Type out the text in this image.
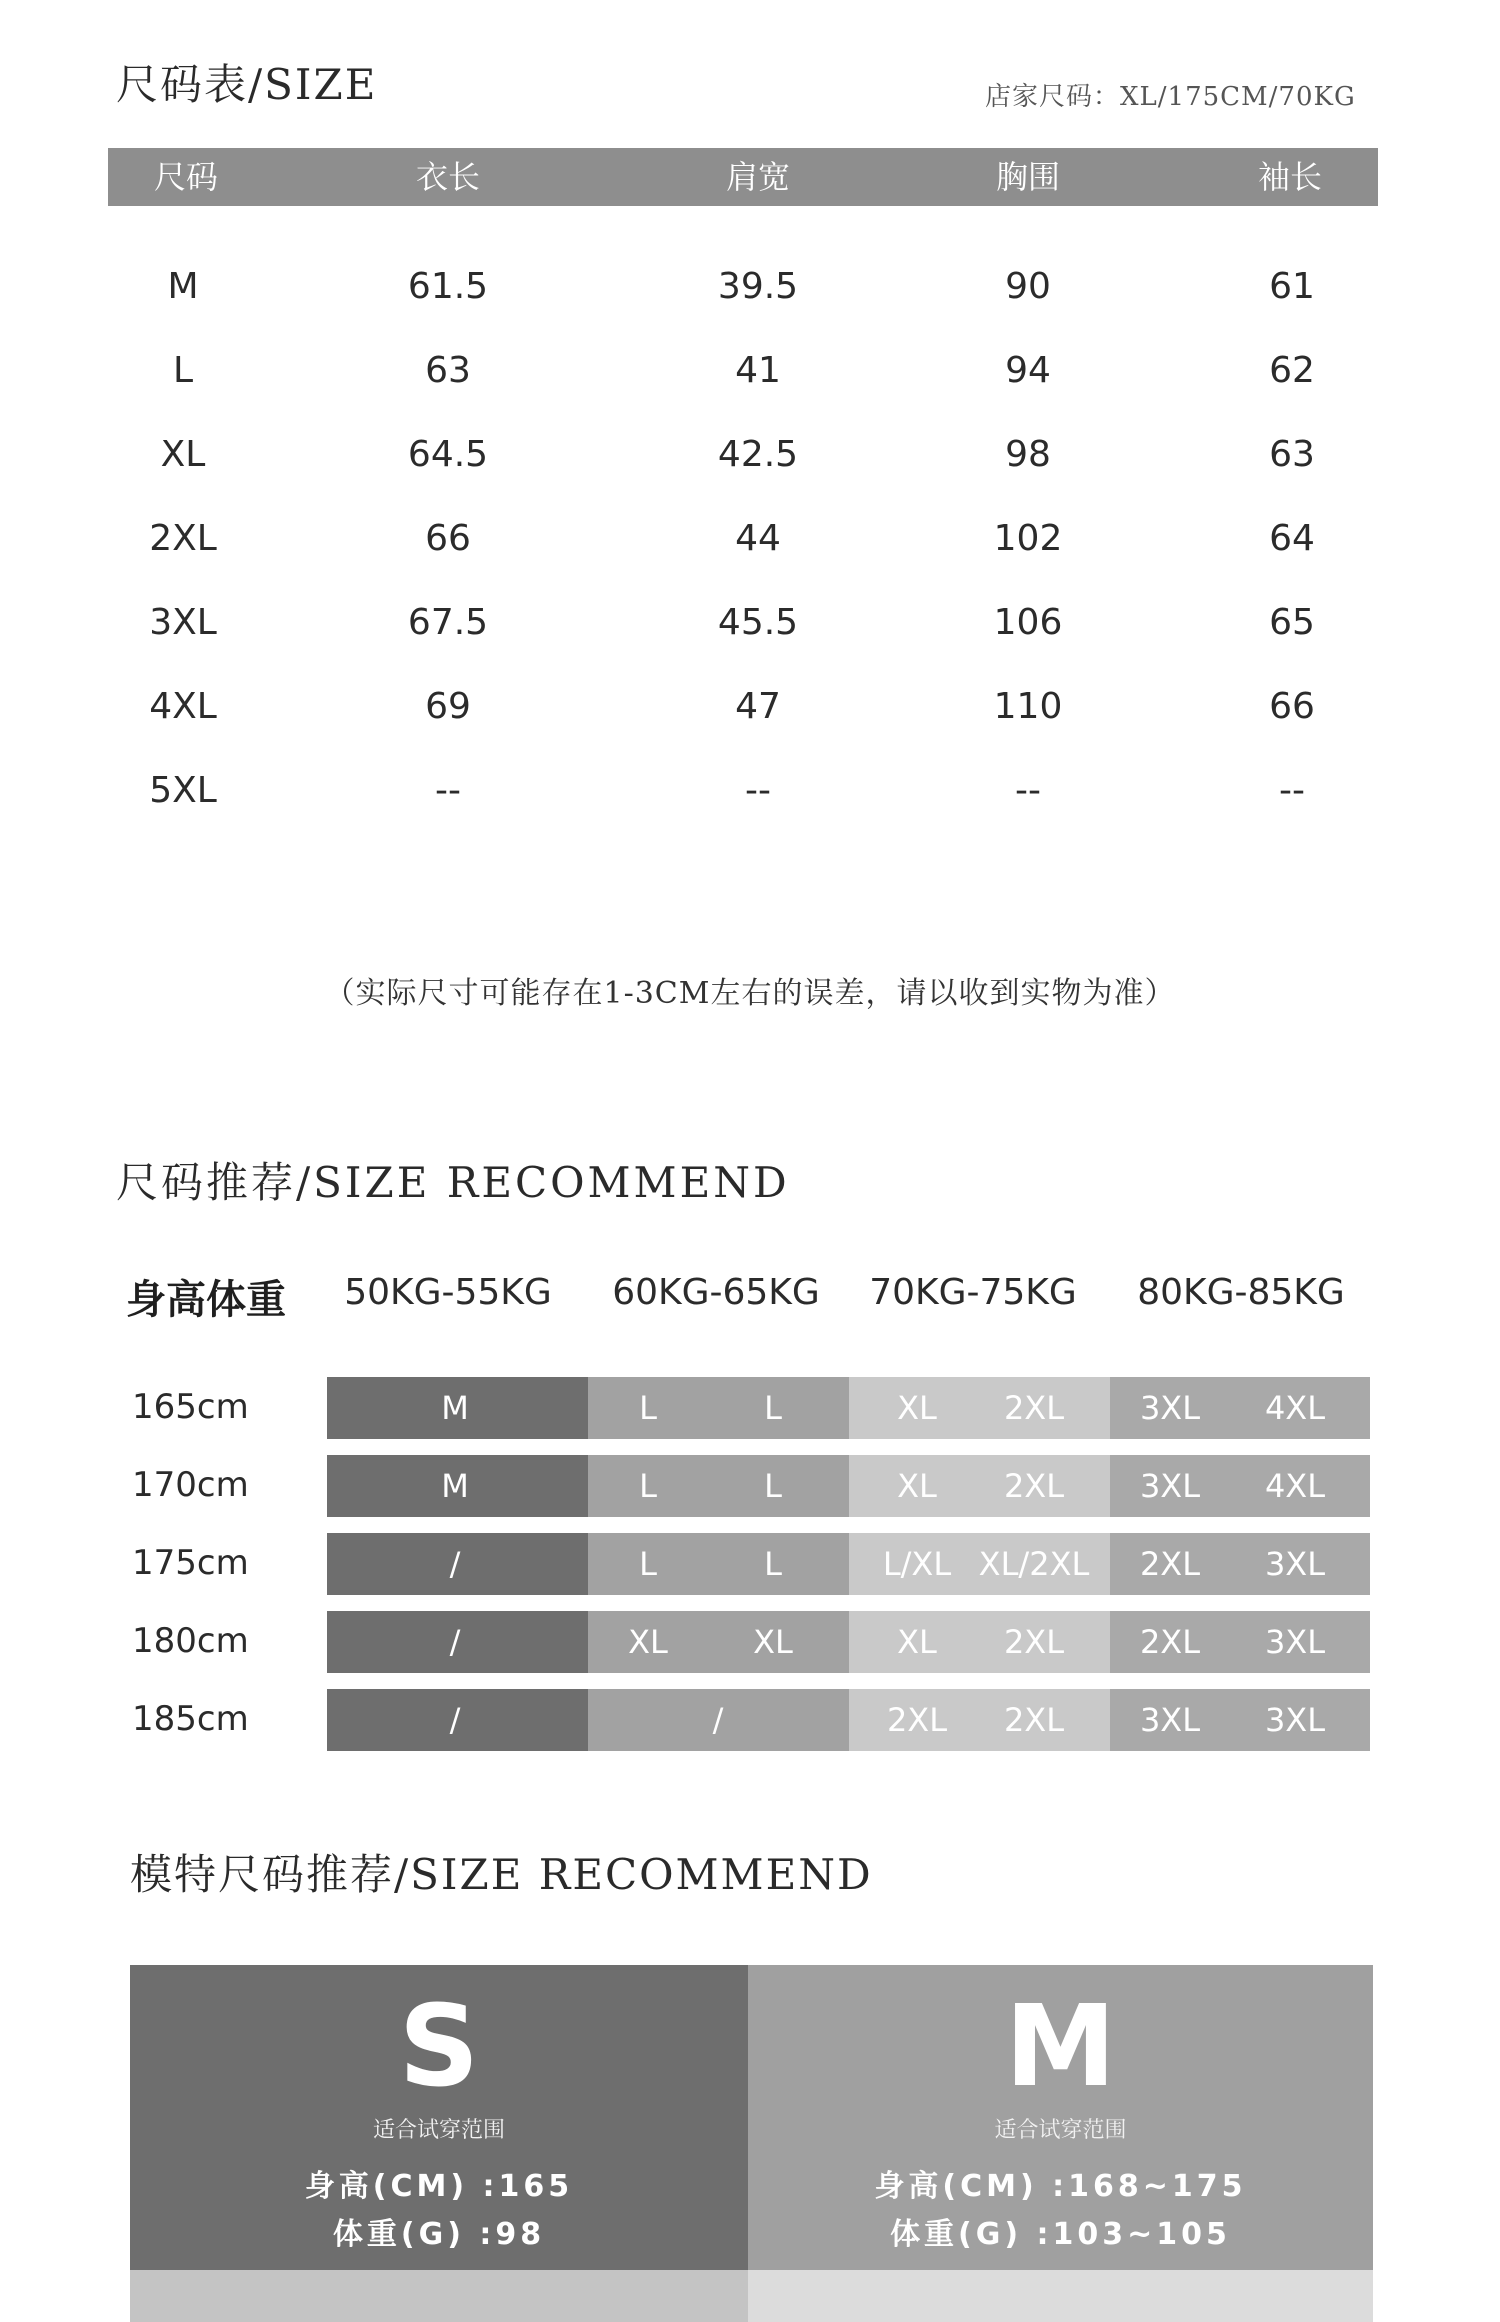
尺码表/SIZE	店家尺码：XL/175CM/70KG
尺码	衣长	肩宽	胸围	袖长
M	61.5	39.5	90	61
L	63	41	94	62
XL	64.5	42.5	98	63
2XL	66	44	102	64
3XL	67.5	45.5	106	65
4XL	69	47	110	66
5XL	--	--	--	--
（实际尺寸可能存在1-3CM左右的误差，请以收到实物为准）
尺码推荐/SIZE RECOMMEND
身高体重 50KG-55KG 60KG-65KG 70KG-75KG 80KG-85KG
165cm	M	L	L	XL 2XL 3XL 4XL
170cm	M	L	L	XL 2XL 3XL 4XL
175cm	/	L	L	L/XL XL/2XL 2XL 3XL
180cm	/	XL	XL	XL 2XL 2XL 3XL
185cm	/	/	2XL 2XL 3XL 3XL
模特尺码推荐/SIZE RECOMMEND
S
适合试穿范围
身高(CM) :165
体重(G) :98
M
适合试穿范围
身高(CM) :168~175
体重(G) :103~105
